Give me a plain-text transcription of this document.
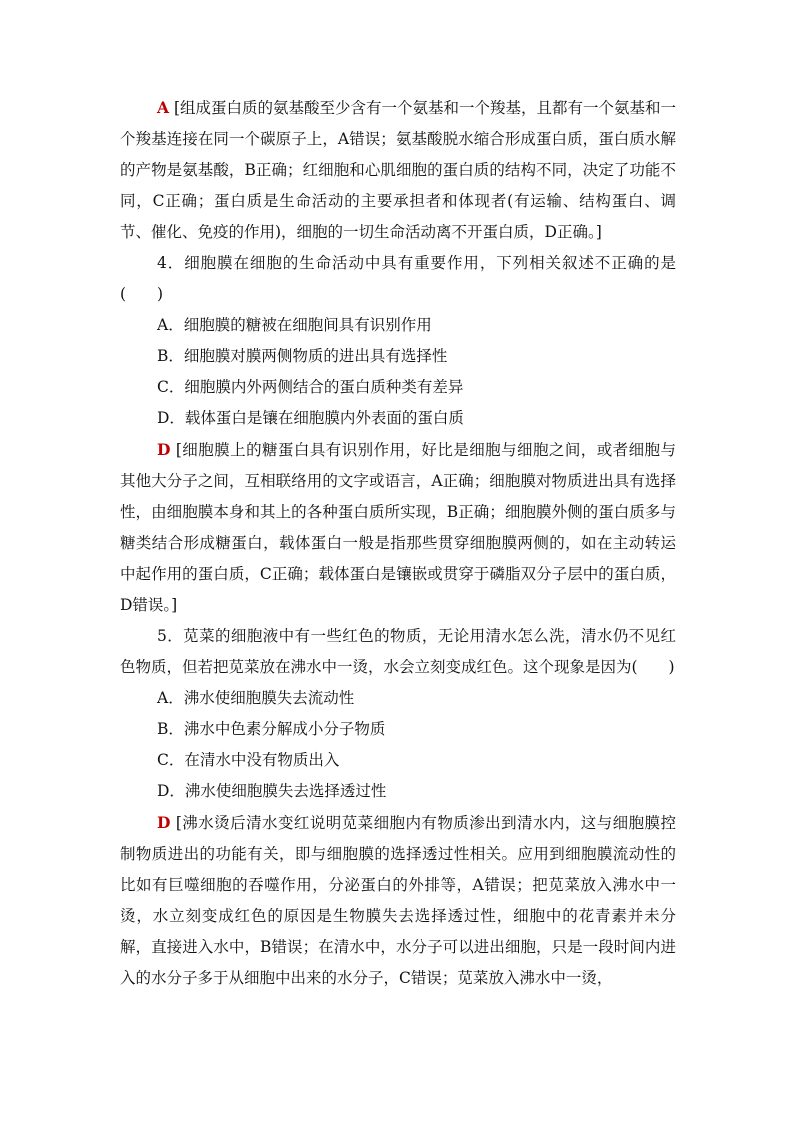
A [组成蛋白质的氨基酸至少含有一个氨基和一个羧基，且都有一个氨基和一个羧基连接在同一个碳原子上，A错误；氨基酸脱水缩合形成蛋白质，蛋白质水解的产物是氨基酸，B正确；红细胞和心肌细胞的蛋白质的结构不同，决定了功能不同，C正确；蛋白质是生命活动的主要承担者和体现者(有运输、结构蛋白、调节、催化、免疫的作用)，细胞的一切生命活动离不开蛋白质，D正确。]

4．细胞膜在细胞的生命活动中具有重要作用，下列相关叙述不正确的是(　　)

A．细胞膜的糖被在细胞间具有识别作用

B．细胞膜对膜两侧物质的进出具有选择性

C．细胞膜内外两侧结合的蛋白质种类有差异

D．载体蛋白是镶在细胞膜内外表面的蛋白质

D [细胞膜上的糖蛋白具有识别作用，好比是细胞与细胞之间，或者细胞与其他大分子之间，互相联络用的文字或语言，A正确；细胞膜对物质进出具有选择性，由细胞膜本身和其上的各种蛋白质所实现，B正确；细胞膜外侧的蛋白质多与糖类结合形成糖蛋白，载体蛋白一般是指那些贯穿细胞膜两侧的，如在主动转运中起作用的蛋白质，C正确；载体蛋白是镶嵌或贯穿于磷脂双分子层中的蛋白质，D错误。]

5．苋菜的细胞液中有一些红色的物质，无论用清水怎么洗，清水仍不见红色物质，但若把苋菜放在沸水中一烫，水会立刻变成红色。这个现象是因为(　　)

A．沸水使细胞膜失去流动性

B．沸水中色素分解成小分子物质

C．在清水中没有物质出入

D．沸水使细胞膜失去选择透过性

D [沸水烫后清水变红说明苋菜细胞内有物质渗出到清水内，这与细胞膜控制物质进出的功能有关，即与细胞膜的选择透过性相关。应用到细胞膜流动性的比如有巨噬细胞的吞噬作用，分泌蛋白的外排等，A错误；把苋菜放入沸水中一烫，水立刻变成红色的原因是生物膜失去选择透过性，细胞中的花青素并未分解，直接进入水中，B错误；在清水中，水分子可以进出细胞，只是一段时间内进入的水分子多于从细胞中出来的水分子，C错误；苋菜放入沸水中一烫，
